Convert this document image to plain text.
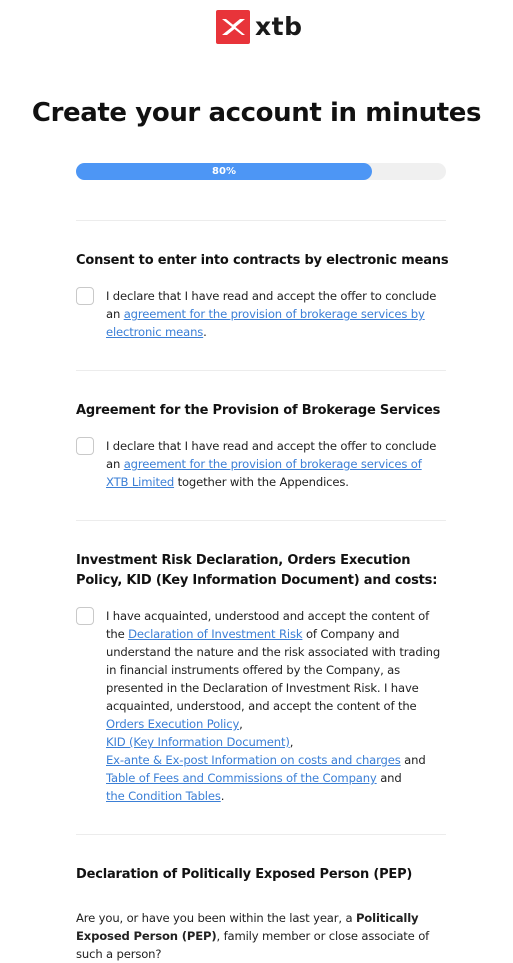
xtb
Create your account in minutes
80%
Consent to enter into contracts by electronic means
I declare that I have read and accept the offer to conclude an agreement for the provision of brokerage services by electronic means.
Agreement for the Provision of Brokerage Services
I declare that I have read and accept the offer to conclude an agreement for the provision of brokerage services of XTB Limited together with the Appendices.
Investment Risk Declaration, Orders Execution Policy, KID (Key Information Document) and costs:
I have acquainted, understood and accept the content of the Declaration of Investment Risk of Company and understand the nature and the risk associated with trading in financial instruments offered by the Company, as presented in the Declaration of Investment Risk. I have acquainted, understood, and accept the content of the
Orders Execution Policy,
KID (Key Information Document),
Ex-ante & Ex-post Information on costs and charges and
Table of Fees and Commissions of the Company and
the Condition Tables.
Declaration of Politically Exposed Person (PEP)
Are you, or have you been within the last year, a Politically Exposed Person (PEP), family member or close associate of such a person?
